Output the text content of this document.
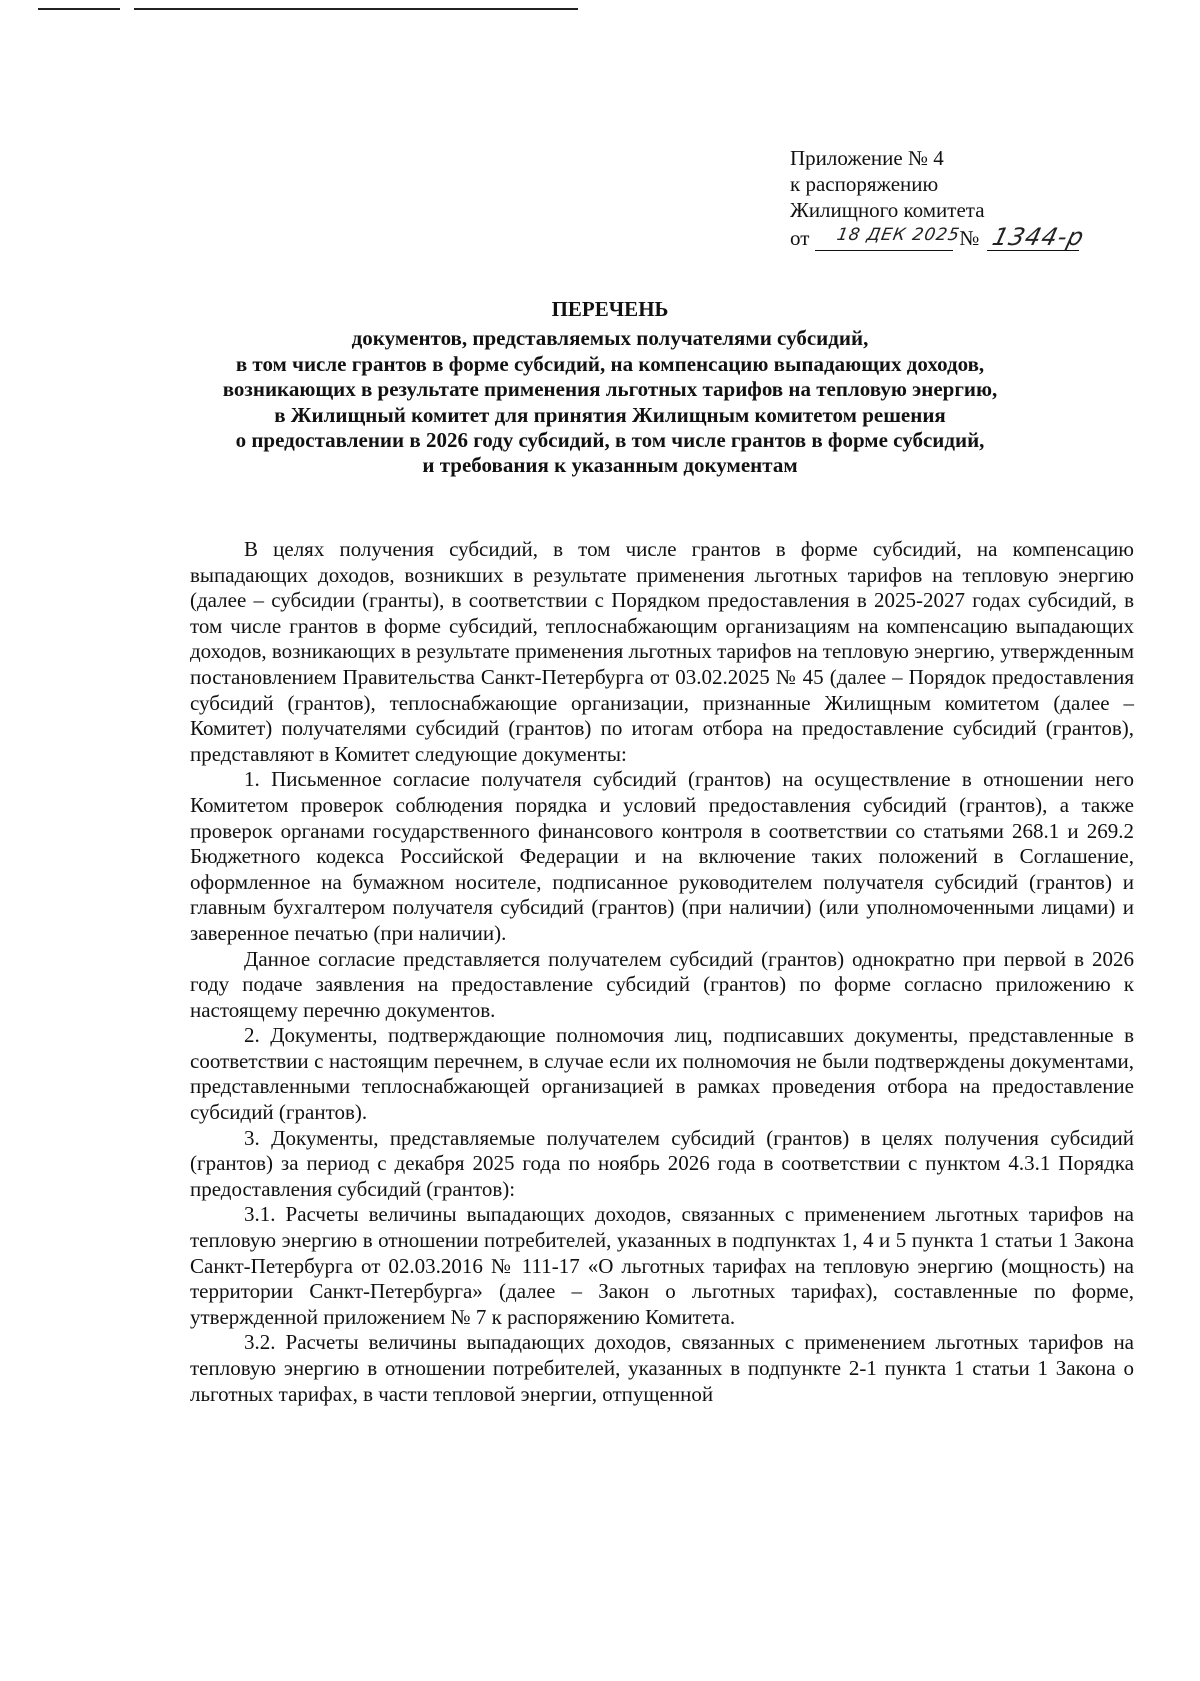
Приложение № 4
к распоряжению
Жилищного комитета
от 18 ДЕК 2025
№ 1344-р
ПЕРЕЧЕНЬ
документов, представляемых получателями субсидий,
в том числе грантов в форме субсидий, на компенсацию выпадающих доходов,
возникающих в результате применения льготных тарифов на тепловую энергию,
в Жилищный комитет для принятия Жилищным комитетом решения
о предоставлении в 2026 году субсидий, в том числе грантов в форме субсидий,
и требования к указанным документам

В целях получения субсидий, в том числе грантов в форме субсидий, на компенсацию выпадающих доходов, возникших в результате применения льготных тарифов на тепловую энергию (далее – субсидии (гранты), в соответствии с Порядком предоставления в 2025-2027 годах субсидий, в том числе грантов в форме субсидий, теплоснабжающим организациям на компенсацию выпадающих доходов, возникающих в результате применения льготных тарифов на тепловую энергию, утвержденным постановлением Правительства Санкт-Петербурга от 03.02.2025 № 45 (далее – Порядок предоставления субсидий (грантов), теплоснабжающие организации, признанные Жилищным комитетом (далее – Комитет) получателями субсидий (грантов) по итогам отбора на предоставление субсидий (грантов), представляют в Комитет следующие документы:

1. Письменное согласие получателя субсидий (грантов) на осуществление в отношении него Комитетом проверок соблюдения порядка и условий предоставления субсидий (грантов), а также проверок органами государственного финансового контроля в соответствии со статьями 268.1 и 269.2 Бюджетного кодекса Российской Федерации и на включение таких положений в Соглашение, оформленное на бумажном носителе, подписанное руководителем получателя субсидий (грантов) и главным бухгалтером получателя субсидий (грантов) (при наличии) (или уполномоченными лицами) и заверенное печатью (при наличии).

Данное согласие представляется получателем субсидий (грантов) однократно при первой в 2026 году подаче заявления на предоставление субсидий (грантов) по форме согласно приложению к настоящему перечню документов.

2. Документы, подтверждающие полномочия лиц, подписавших документы, представленные в соответствии с настоящим перечнем, в случае если их полномочия не были подтверждены документами, представленными теплоснабжающей организацией в рамках проведения отбора на предоставление субсидий (грантов).

3. Документы, представляемые получателем субсидий (грантов) в целях получения субсидий (грантов) за период с декабря 2025 года по ноябрь 2026 года в соответствии с пунктом 4.3.1 Порядка предоставления субсидий (грантов):

3.1. Расчеты величины выпадающих доходов, связанных с применением льготных тарифов на тепловую энергию в отношении потребителей, указанных в подпунктах 1, 4 и 5 пункта 1 статьи 1 Закона Санкт-Петербурга от 02.03.2016 № 111-17 «О льготных тарифах на тепловую энергию (мощность) на территории Санкт-Петербурга» (далее – Закон о льготных тарифах), составленные по форме, утвержденной приложением № 7 к распоряжению Комитета.

3.2. Расчеты величины выпадающих доходов, связанных с применением льготных тарифов на тепловую энергию в отношении потребителей, указанных в подпункте 2-1 пункта 1 статьи 1 Закона о льготных тарифах, в части тепловой энергии, отпущенной
